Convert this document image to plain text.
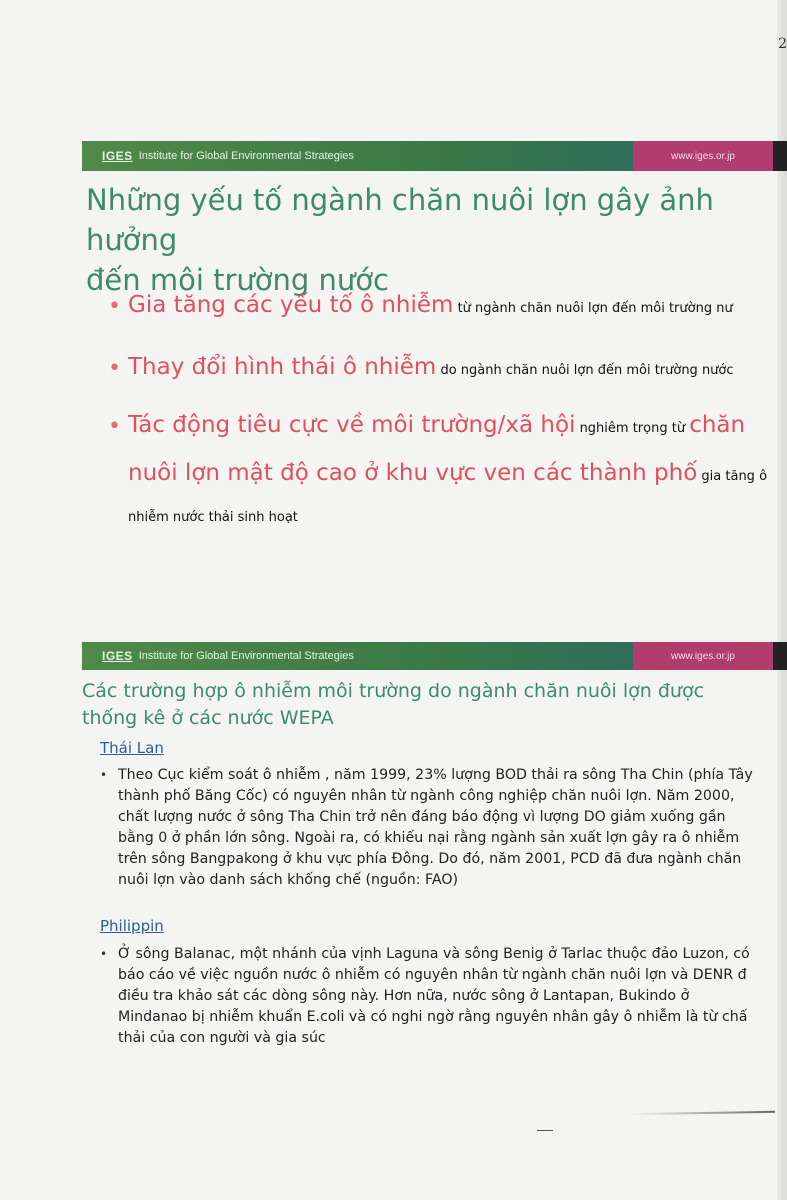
2
IGES Institute for Global Environmental Strategies	www.iges.or.jp
Những yếu tố ngành chăn nuôi lợn gây ảnh hưởng
đến môi trường nước
• Gia tăng các yếu tố ô nhiễm từ ngành chăn nuôi lợn đến môi trường nư
• Thay đổi hình thái ô nhiễm do ngành chăn nuôi lợn đến môi trường nước
• Tác động tiêu cực về môi trường/xã hội nghiêm trọng từ chăn
nuôi lợn mật độ cao ở khu vực ven các thành phố gia tăng ô
nhiễm nước thải sinh hoạt
IGES Institute for Global Environmental Strategies	www.iges.or.jp
Các trường hợp ô nhiễm môi trường do ngành chăn nuôi lợn được
thống kê ở các nước WEPA
Thái Lan
• Theo Cục kiểm soát ô nhiễm , năm 1999, 23% lượng BOD thải ra sông Tha Chin (phía Tây
thành phố Băng Cốc) có nguyên nhân từ ngành công nghiệp chăn nuôi lợn. Năm 2000,
chất lượng nước ở sông Tha Chin trở nên đáng báo động vì lượng DO giảm xuống gần
bằng 0 ở phần lớn sông. Ngoài ra, có khiếu nại rằng ngành sản xuất lợn gây ra ô nhiễm
trên sông Bangpakong ở khu vực phía Đông. Do đó, năm 2001, PCD đã đưa ngành chăn
nuôi lợn vào danh sách khống chế (nguồn: FAO)
Philippin
• Ở sông Balanac, một nhánh của vịnh Laguna và sông Benig ở Tarlac thuộc đảo Luzon, có
báo cáo về việc nguồn nước ô nhiễm có nguyên nhân từ ngành chăn nuôi lợn và DENR đ
điều tra khảo sát các dòng sông này. Hơn nữa, nước sông ở Lantapan, Bukindo ở
Mindanao bị nhiễm khuẩn E.coli và có nghi ngờ rằng nguyên nhân gây ô nhiễm là từ chấ
thải của con người và gia súc
